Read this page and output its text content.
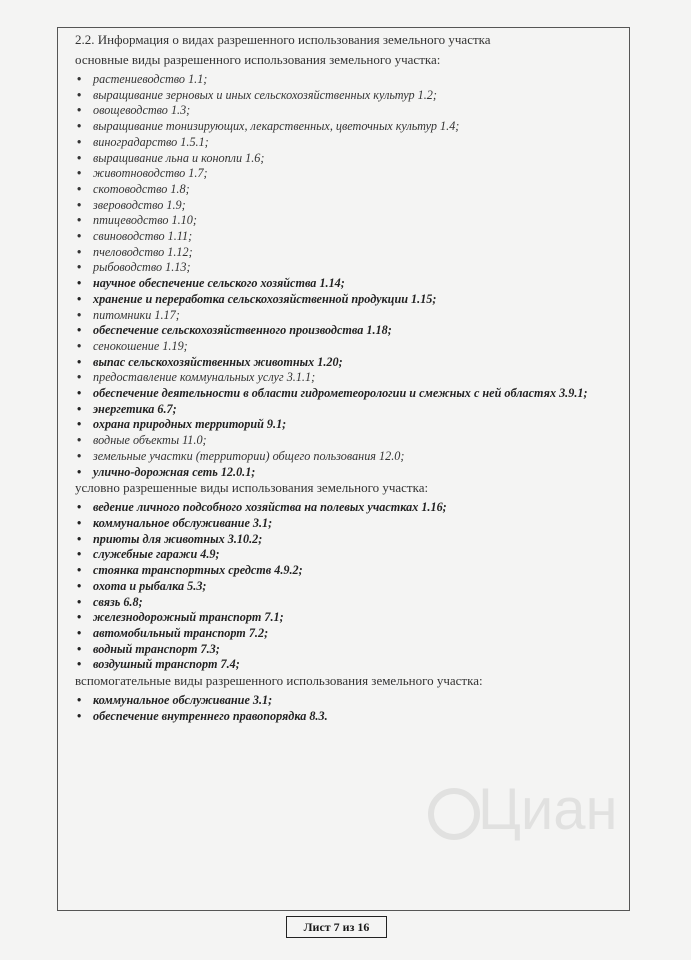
2.2. Информация о видах разрешенного использования земельного участка
основные виды разрешенного использования земельного участка:
• растениеводство 1.1;
• выращивание зерновых и иных сельскохозяйственных культур 1.2;
• овощеводство 1.3;
• выращивание тонизирующих, лекарственных, цветочных культур 1.4;
• виноградарство 1.5.1;
• выращивание льна и конопли 1.6;
• животноводство 1.7;
• скотоводство 1.8;
• звероводство 1.9;
• птицеводство 1.10;
• свиноводство 1.11;
• пчеловодство 1.12;
• рыбоводство 1.13;
• научное обеспечение сельского хозяйства 1.14;
• хранение и переработка сельскохозяйственной продукции 1.15;
• питомники 1.17;
• обеспечение сельскохозяйственного производства 1.18;
• сенокошение 1.19;
• выпас сельскохозяйственных животных 1.20;
• предоставление коммунальных услуг 3.1.1;
• обеспечение деятельности в области гидрометеорологии и смежных с ней областях 3.9.1;
• энергетика 6.7;
• охрана природных территорий 9.1;
• водные объекты 11.0;
• земельные участки (территории) общего пользования 12.0;
• улично-дорожная сеть 12.0.1;
условно разрешенные виды использования земельного участка:
• ведение личного подсобного хозяйства на полевых участках 1.16;
• коммунальное обслуживание 3.1;
• приюты для животных 3.10.2;
• служебные гаражи 4.9;
• стоянка транспортных средств 4.9.2;
• охота и рыбалка 5.3;
• связь 6.8;
• железнодорожный транспорт 7.1;
• автомобильный транспорт 7.2;
• водный транспорт 7.3;
• воздушный транспорт 7.4;
вспомогательные виды разрешенного использования земельного участка:
• коммунальное обслуживание 3.1;
• обеспечение внутреннего правопорядка 8.3.
Циан
Лист 7 из 16
